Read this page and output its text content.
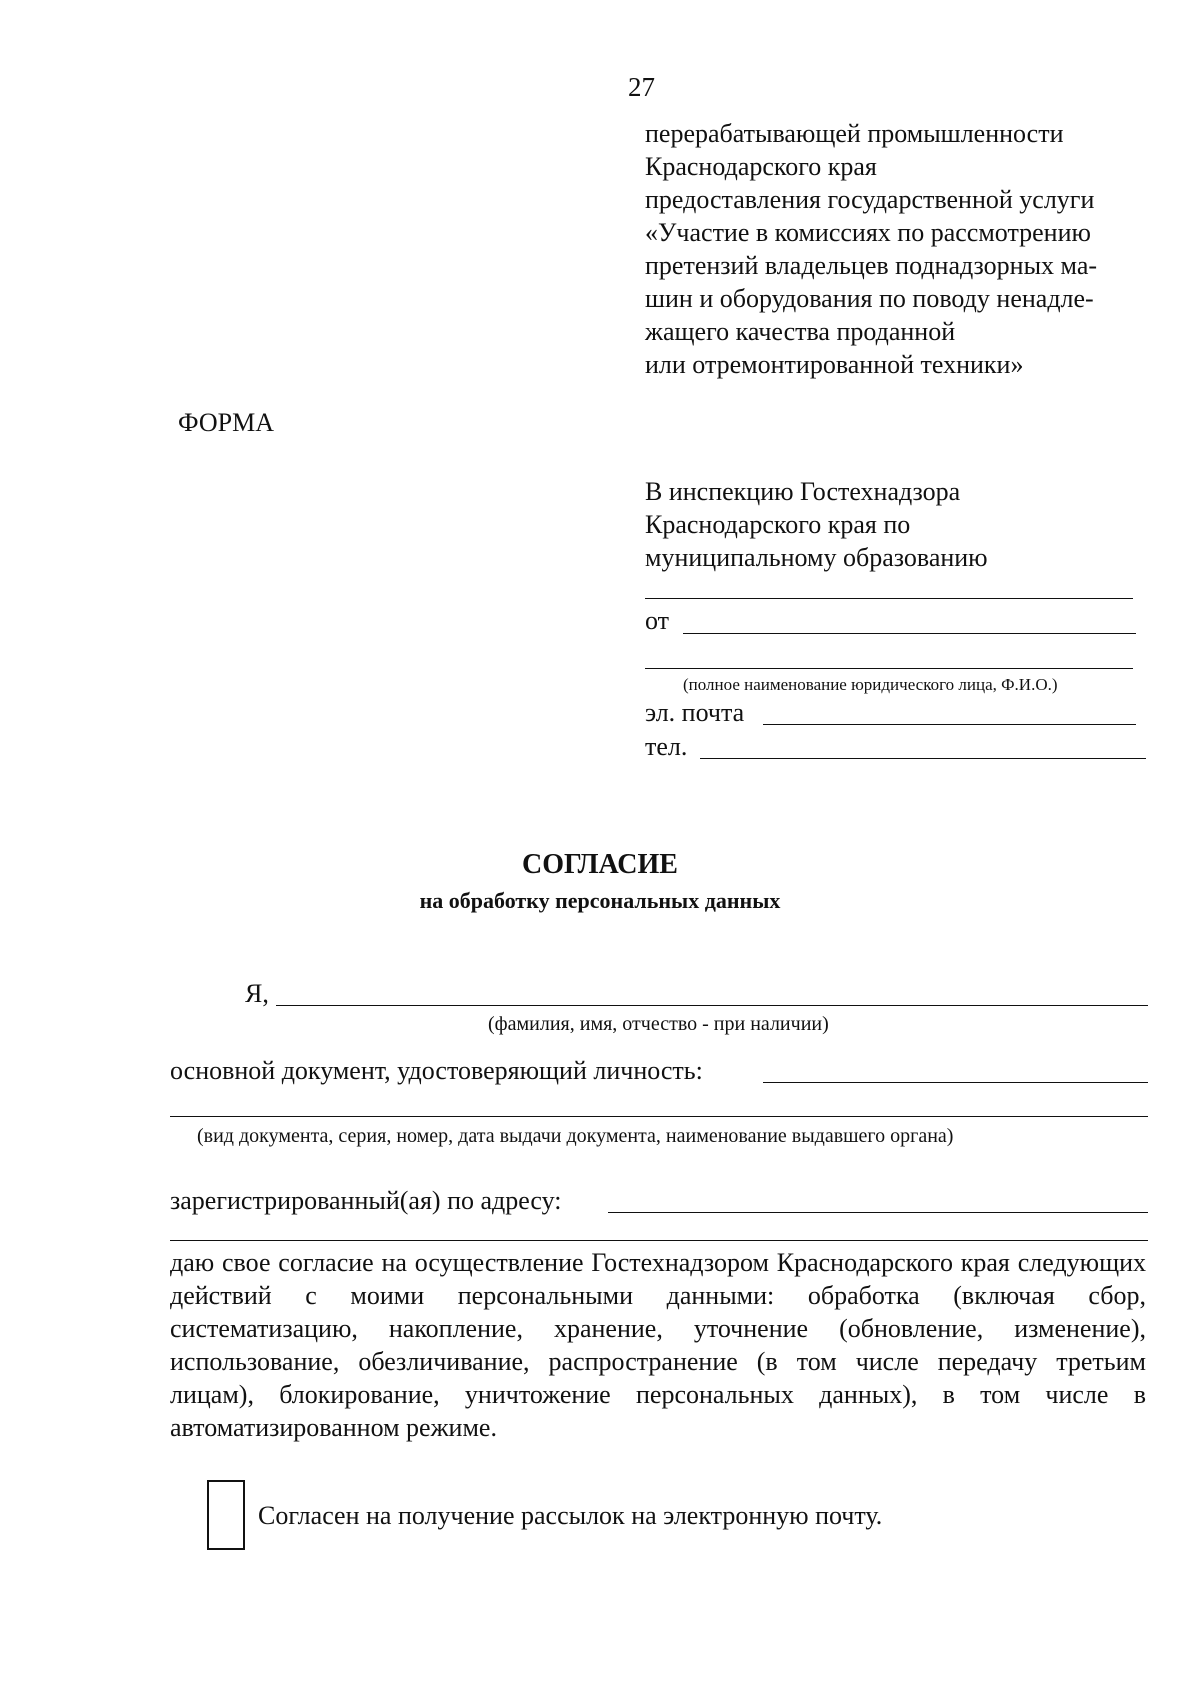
27
перерабатывающей промышленности
Краснодарского края
предоставления государственной услуги
«Участие в комиссиях по рассмотрению
претензий владельцев поднадзорных ма-
шин и оборудования по поводу ненадле-
жащего качества проданной
или отремонтированной техники»
ФОРМА
В инспекцию Гостехнадзора
Краснодарского края по
муниципальному образованию
от
(полное наименование юридического лица, Ф.И.О.)
эл. почта
тел.
СОГЛАСИЕ
на обработку персональных данных
Я,
(фамилия, имя, отчество - при наличии)
основной документ, удостоверяющий личность:
(вид документа, серия, номер, дата выдачи документа, наименование выдавшего органа)
зарегистрированный(ая) по адресу:
даю свое согласие на осуществление Гостехнадзором Краснодарского края следующих действий с моими персональными данными: обработка (включая сбор, систематизацию, накопление, хранение, уточнение (обновление, изменение), использование, обезличивание, распространение (в том числе передачу третьим лицам), блокирование, уничтожение персональных данных), в том числе в автоматизированном режиме.
Согласен на получение рассылок на электронную почту.
